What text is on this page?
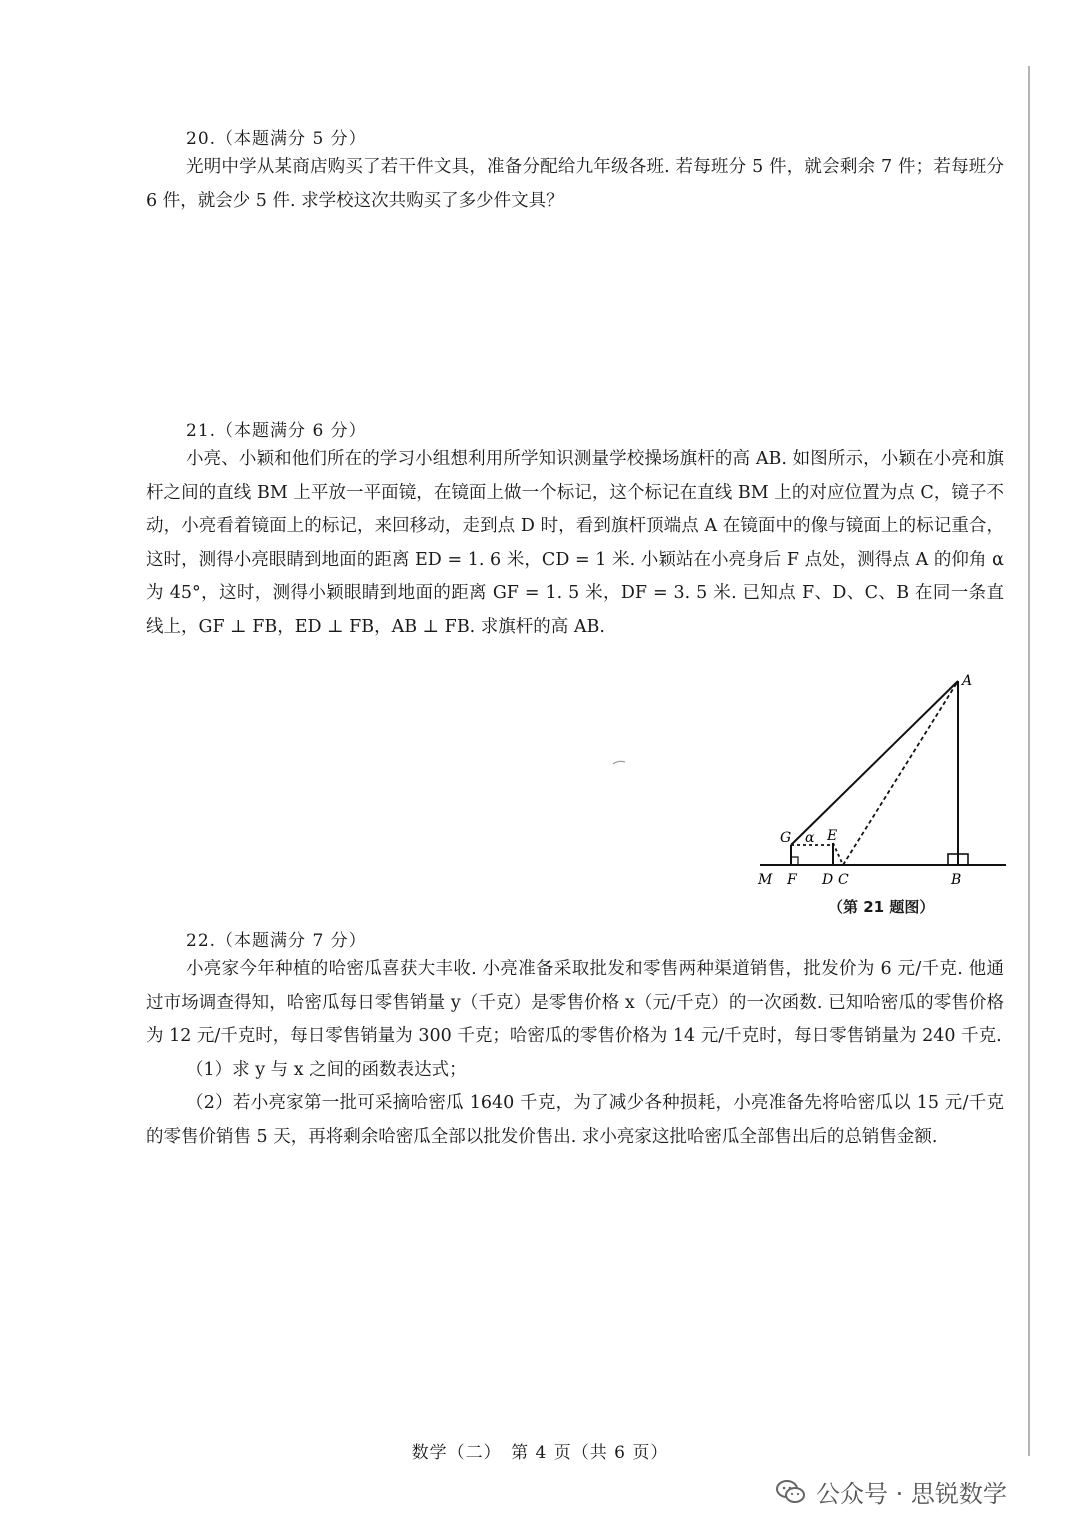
20.（本题满分 5 分）

光明中学从某商店购买了若干件文具，准备分配给九年级各班. 若每班分 5 件，就会剩余 7 件；若每班分 6 件，就会少 5 件. 求学校这次共购买了多少件文具？

21.（本题满分 6 分）

小亮、小颖和他们所在的学习小组想利用所学知识测量学校操场旗杆的高 AB. 如图所示，小颖在小亮和旗杆之间的直线 BM 上平放一平面镜，在镜面上做一个标记，这个标记在直线 BM 上的对应位置为点 C，镜子不动，小亮看着镜面上的标记，来回移动，走到点 D 时，看到旗杆顶端点 A 在镜面中的像与镜面上的标记重合，这时，测得小亮眼睛到地面的距离 ED = 1. 6 米，CD = 1 米. 小颖站在小亮身后 F 点处，测得点 A 的仰角 α 为 45°，这时，测得小颖眼睛到地面的距离 GF = 1. 5 米，DF = 3. 5 米. 已知点 F、D、C、B 在同一条直线上，GF ⊥ FB，ED ⊥ FB，AB ⊥ FB. 求旗杆的高 AB.

A
B
C
D
E
F
G
M
α
（第 21 题图）
22.（本题满分 7 分）

小亮家今年种植的哈密瓜喜获大丰收. 小亮准备采取批发和零售两种渠道销售，批发价为 6 元/千克. 他通过市场调查得知，哈密瓜每日零售销量 y（千克）是零售价格 x（元/千克）的一次函数. 已知哈密瓜的零售价格为 12 元/千克时，每日零售销量为 300 千克；哈密瓜的零售价格为 14 元/千克时，每日零售销量为 240 千克.

（1）求 y 与 x 之间的函数表达式；

（2）若小亮家第一批可采摘哈密瓜 1640 千克，为了减少各种损耗，小亮准备先将哈密瓜以 15 元/千克的零售价销售 5 天，再将剩余哈密瓜全部以批发价售出. 求小亮家这批哈密瓜全部售出后的总销售金额.

数学（二）　第 4 页（共 6 页）
公众号 · 思锐数学
